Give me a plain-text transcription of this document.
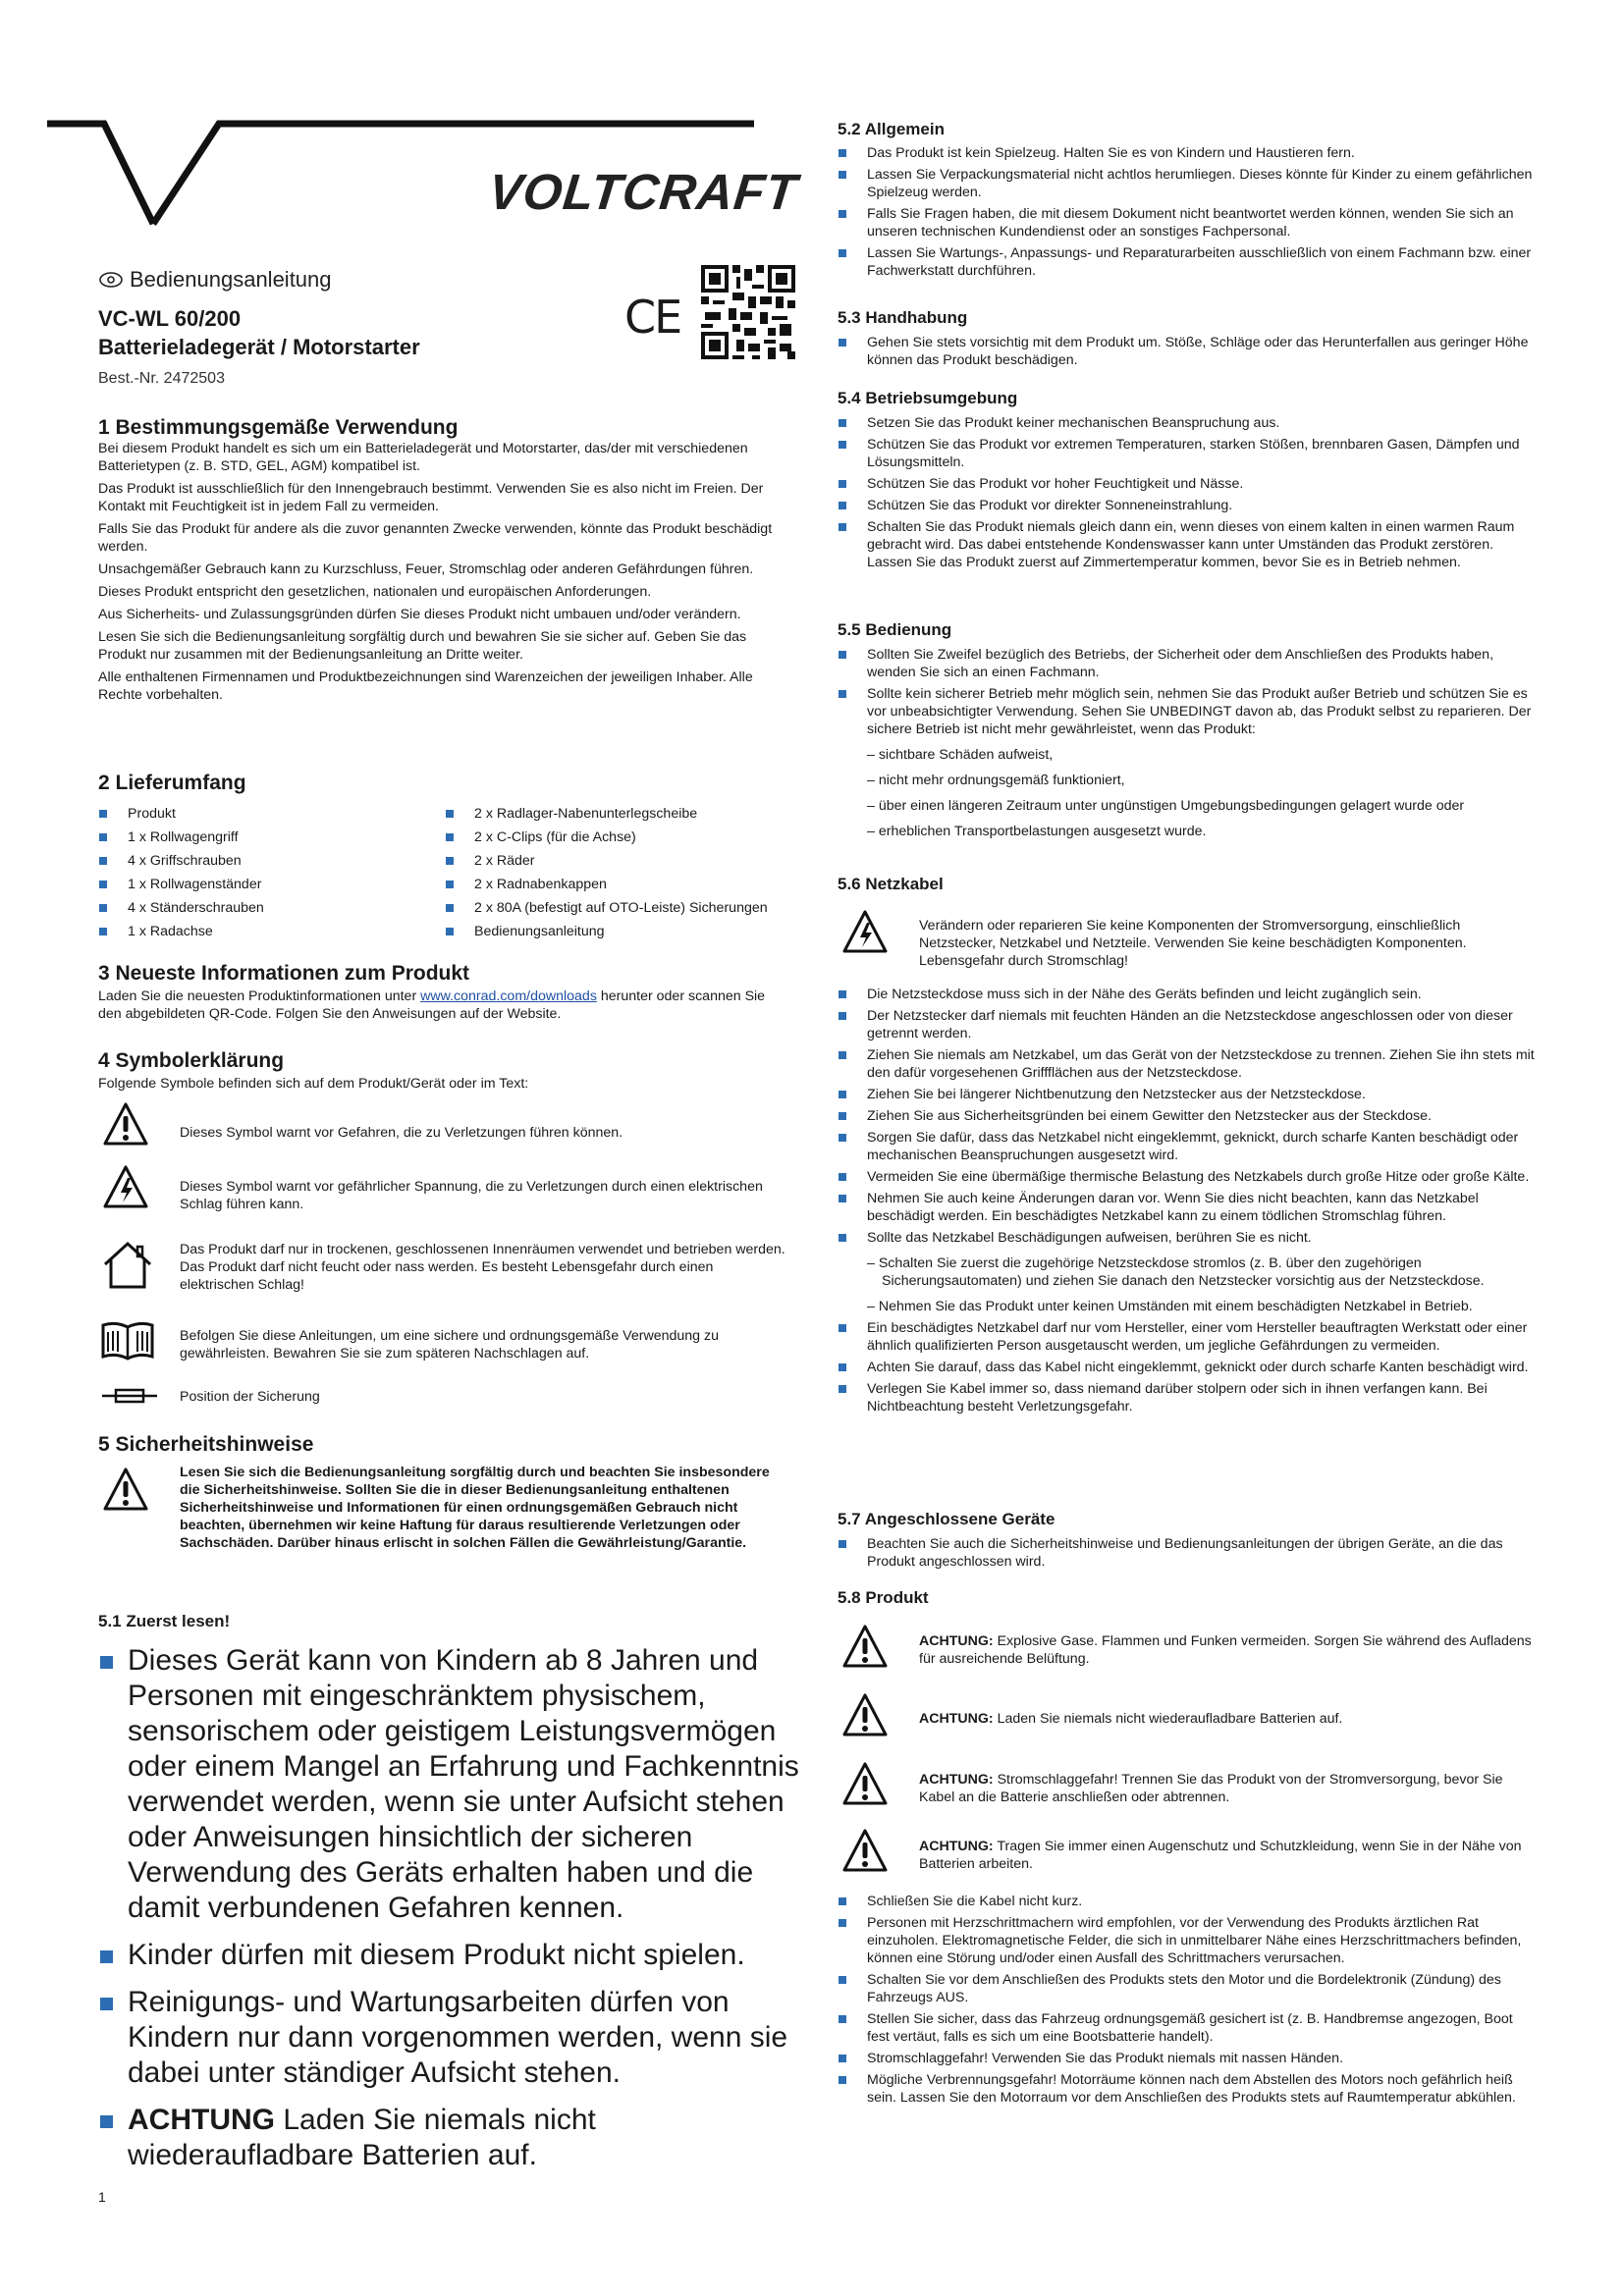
VOLTCRAFT
Bedienungsanleitung
VC-WL 60/200
Batterieladegerät / Motorstarter
Best.-Nr. 2472503
CE
1 Bestimmungsgemäße Verwendung

Bei diesem Produkt handelt es sich um ein Batterieladegerät und Motorstarter, das/der mit verschiedenen Batterietypen (z. B. STD, GEL, AGM) kompatibel ist.

Das Produkt ist ausschließlich für den Innengebrauch bestimmt. Verwenden Sie es also nicht im Freien. Der Kontakt mit Feuchtigkeit ist in jedem Fall zu vermeiden.

Falls Sie das Produkt für andere als die zuvor genannten Zwecke verwenden, könnte das Produkt beschädigt werden.

Unsachgemäßer Gebrauch kann zu Kurzschluss, Feuer, Stromschlag oder anderen Gefährdungen führen.

Dieses Produkt entspricht den gesetzlichen, nationalen und europäischen Anforderungen.

Aus Sicherheits- und Zulassungsgründen dürfen Sie dieses Produkt nicht umbauen und/oder verändern.

Lesen Sie sich die Bedienungsanleitung sorgfältig durch und bewahren Sie sie sicher auf. Geben Sie das Produkt nur zusammen mit der Bedienungsanleitung an Dritte weiter.

Alle enthaltenen Firmennamen und Produktbezeichnungen sind Warenzeichen der jeweiligen Inhaber. Alle Rechte vorbehalten.

2 Lieferumfang
Produkt
1 x Rollwagengriff
4 x Griffschrauben
1 x Rollwagenständer
4 x Ständerschrauben
1 x Radachse
2 x Radlager-Nabenunterlegscheibe
2 x C-Clips (für die Achse)
2 x Räder
2 x Radnabenkappen
2 x 80A (befestigt auf OTO-Leiste) Sicherungen
Bedienungsanleitung
3 Neueste Informationen zum Produkt
Laden Sie die neuesten Produktinformationen unter www.conrad.com/downloads herunter oder scannen Sie den abgebildeten QR-Code. Folgen Sie den Anweisungen auf der Website.
4 Symbolerklärung
Folgende Symbole befinden sich auf dem Produkt/Gerät oder im Text:
Dieses Symbol warnt vor Gefahren, die zu Verletzungen führen können.
Dieses Symbol warnt vor gefährlicher Spannung, die zu Verletzungen durch einen elektrischen Schlag führen kann.
Das Produkt darf nur in trockenen, geschlossenen Innenräumen verwendet und betrieben werden. Das Produkt darf nicht feucht oder nass werden. Es besteht Lebensgefahr durch einen elektrischen Schlag!
Befolgen Sie diese Anleitungen, um eine sichere und ordnungsgemäße Verwendung zu gewährleisten. Bewahren Sie sie zum späteren Nachschlagen auf.
Position der Sicherung
5 Sicherheitshinweise
Lesen Sie sich die Bedienungsanleitung sorgfältig durch und beachten Sie insbesondere die Sicherheitshinweise. Sollten Sie die in dieser Bedienungsanleitung enthaltenen Sicherheitshinweise und Informationen für einen ordnungsgemäßen Gebrauch nicht beachten, übernehmen wir keine Haftung für daraus resultierende Verletzungen oder Sachschäden. Darüber hinaus erlischt in solchen Fällen die Gewährleistung/Garantie.
5.1 Zuerst lesen!
Dieses Gerät kann von Kindern ab 8 Jahren und Personen mit eingeschränktem physischem, sensorischem oder geistigem Leistungsvermögen oder einem Mangel an Erfahrung und Fachkenntnis verwendet werden, wenn sie unter Aufsicht stehen oder Anweisungen hinsichtlich der sicheren Verwendung des Geräts erhalten haben und die damit verbundenen Gefahren kennen.
Kinder dürfen mit diesem Produkt nicht spielen.
Reinigungs- und Wartungsarbeiten dürfen von Kindern nur dann vorgenommen werden, wenn sie dabei unter ständiger Aufsicht stehen.
ACHTUNG Laden Sie niemals nicht wiederaufladbare Batterien auf.
1
5.2 Allgemein
Das Produkt ist kein Spielzeug. Halten Sie es von Kindern und Haustieren fern.
Lassen Sie Verpackungsmaterial nicht achtlos herumliegen. Dieses könnte für Kinder zu einem gefährlichen Spielzeug werden.
Falls Sie Fragen haben, die mit diesem Dokument nicht beantwortet werden können, wenden Sie sich an unseren technischen Kundendienst oder an sonstiges Fachpersonal.
Lassen Sie Wartungs-, Anpassungs- und Reparaturarbeiten ausschließlich von einem Fachmann bzw. einer Fachwerkstatt durchführen.
5.3 Handhabung
Gehen Sie stets vorsichtig mit dem Produkt um. Stöße, Schläge oder das Herunterfallen aus geringer Höhe können das Produkt beschädigen.
5.4 Betriebsumgebung
Setzen Sie das Produkt keiner mechanischen Beanspruchung aus.
Schützen Sie das Produkt vor extremen Temperaturen, starken Stößen, brennbaren Gasen, Dämpfen und Lösungsmitteln.
Schützen Sie das Produkt vor hoher Feuchtigkeit und Nässe.
Schützen Sie das Produkt vor direkter Sonneneinstrahlung.
Schalten Sie das Produkt niemals gleich dann ein, wenn dieses von einem kalten in einen warmen Raum gebracht wird. Das dabei entstehende Kondenswasser kann unter Umständen das Produkt zerstören. Lassen Sie das Produkt zuerst auf Zimmertemperatur kommen, bevor Sie es in Betrieb nehmen.
5.5 Bedienung
Sollten Sie Zweifel bezüglich des Betriebs, der Sicherheit oder dem Anschließen des Produkts haben, wenden Sie sich an einen Fachmann.
Sollte kein sicherer Betrieb mehr möglich sein, nehmen Sie das Produkt außer Betrieb und schützen Sie es vor unbeabsichtigter Verwendung. Sehen Sie UNBEDINGT davon ab, das Produkt selbst zu reparieren. Der sichere Betrieb ist nicht mehr gewährleistet, wenn das Produkt:
– sichtbare Schäden aufweist,
– nicht mehr ordnungsgemäß funktioniert,
– über einen längeren Zeitraum unter ungünstigen Umgebungsbedingungen gelagert wurde oder
– erheblichen Transportbelastungen ausgesetzt wurde.
5.6 Netzkabel
Verändern oder reparieren Sie keine Komponenten der Stromversorgung, einschließlich Netzstecker, Netzkabel und Netzteile. Verwenden Sie keine beschädigten Komponenten. Lebensgefahr durch Stromschlag!
Die Netzsteckdose muss sich in der Nähe des Geräts befinden und leicht zugänglich sein.
Der Netzstecker darf niemals mit feuchten Händen an die Netzsteckdose angeschlossen oder von dieser getrennt werden.
Ziehen Sie niemals am Netzkabel, um das Gerät von der Netzsteckdose zu trennen. Ziehen Sie ihn stets mit den dafür vorgesehenen Griffflächen aus der Netzsteckdose.
Ziehen Sie bei längerer Nichtbenutzung den Netzstecker aus der Netzsteckdose.
Ziehen Sie aus Sicherheitsgründen bei einem Gewitter den Netzstecker aus der Steckdose.
Sorgen Sie dafür, dass das Netzkabel nicht eingeklemmt, geknickt, durch scharfe Kanten beschädigt oder mechanischen Beanspruchungen ausgesetzt wird.
Vermeiden Sie eine übermäßige thermische Belastung des Netzkabels durch große Hitze oder große Kälte.
Nehmen Sie auch keine Änderungen daran vor. Wenn Sie dies nicht beachten, kann das Netzkabel beschädigt werden. Ein beschädigtes Netzkabel kann zu einem tödlichen Stromschlag führen.
Sollte das Netzkabel Beschädigungen aufweisen, berühren Sie es nicht.
– Schalten Sie zuerst die zugehörige Netzsteckdose stromlos (z. B. über den zugehörigen Sicherungsautomaten) und ziehen Sie danach den Netzstecker vorsichtig aus der Netzsteckdose.
– Nehmen Sie das Produkt unter keinen Umständen mit einem beschädigten Netzkabel in Betrieb.
Ein beschädigtes Netzkabel darf nur vom Hersteller, einer vom Hersteller beauftragten Werkstatt oder einer ähnlich qualifizierten Person ausgetauscht werden, um jegliche Gefährdungen zu vermeiden.
Achten Sie darauf, dass das Kabel nicht eingeklemmt, geknickt oder durch scharfe Kanten beschädigt wird.
Verlegen Sie Kabel immer so, dass niemand darüber stolpern oder sich in ihnen verfangen kann. Bei Nichtbeachtung besteht Verletzungsgefahr.
5.7 Angeschlossene Geräte
Beachten Sie auch die Sicherheitshinweise und Bedienungsanleitungen der übrigen Geräte, an die das Produkt angeschlossen wird.
5.8 Produkt
ACHTUNG: Explosive Gase. Flammen und Funken vermeiden. Sorgen Sie während des Aufladens für ausreichende Belüftung.
ACHTUNG: Laden Sie niemals nicht wiederaufladbare Batterien auf.
ACHTUNG: Stromschlaggefahr! Trennen Sie das Produkt von der Stromversorgung, bevor Sie Kabel an die Batterie anschließen oder abtrennen.
ACHTUNG: Tragen Sie immer einen Augenschutz und Schutzkleidung, wenn Sie in der Nähe von Batterien arbeiten.
Schließen Sie die Kabel nicht kurz.
Personen mit Herzschrittmachern wird empfohlen, vor der Verwendung des Produkts ärztlichen Rat einzuholen. Elektromagnetische Felder, die sich in unmittelbarer Nähe eines Herzschrittmachers befinden, können eine Störung und/oder einen Ausfall des Schrittmachers verursachen.
Schalten Sie vor dem Anschließen des Produkts stets den Motor und die Bordelektronik (Zündung) des Fahrzeugs AUS.
Stellen Sie sicher, dass das Fahrzeug ordnungsgemäß gesichert ist (z. B. Handbremse angezogen, Boot fest vertäut, falls es sich um eine Bootsbatterie handelt).
Stromschlaggefahr! Verwenden Sie das Produkt niemals mit nassen Händen.
Mögliche Verbrennungsgefahr! Motorräume können nach dem Abstellen des Motors noch gefährlich heiß sein. Lassen Sie den Motorraum vor dem Anschließen des Produkts stets auf Raumtemperatur abkühlen.
